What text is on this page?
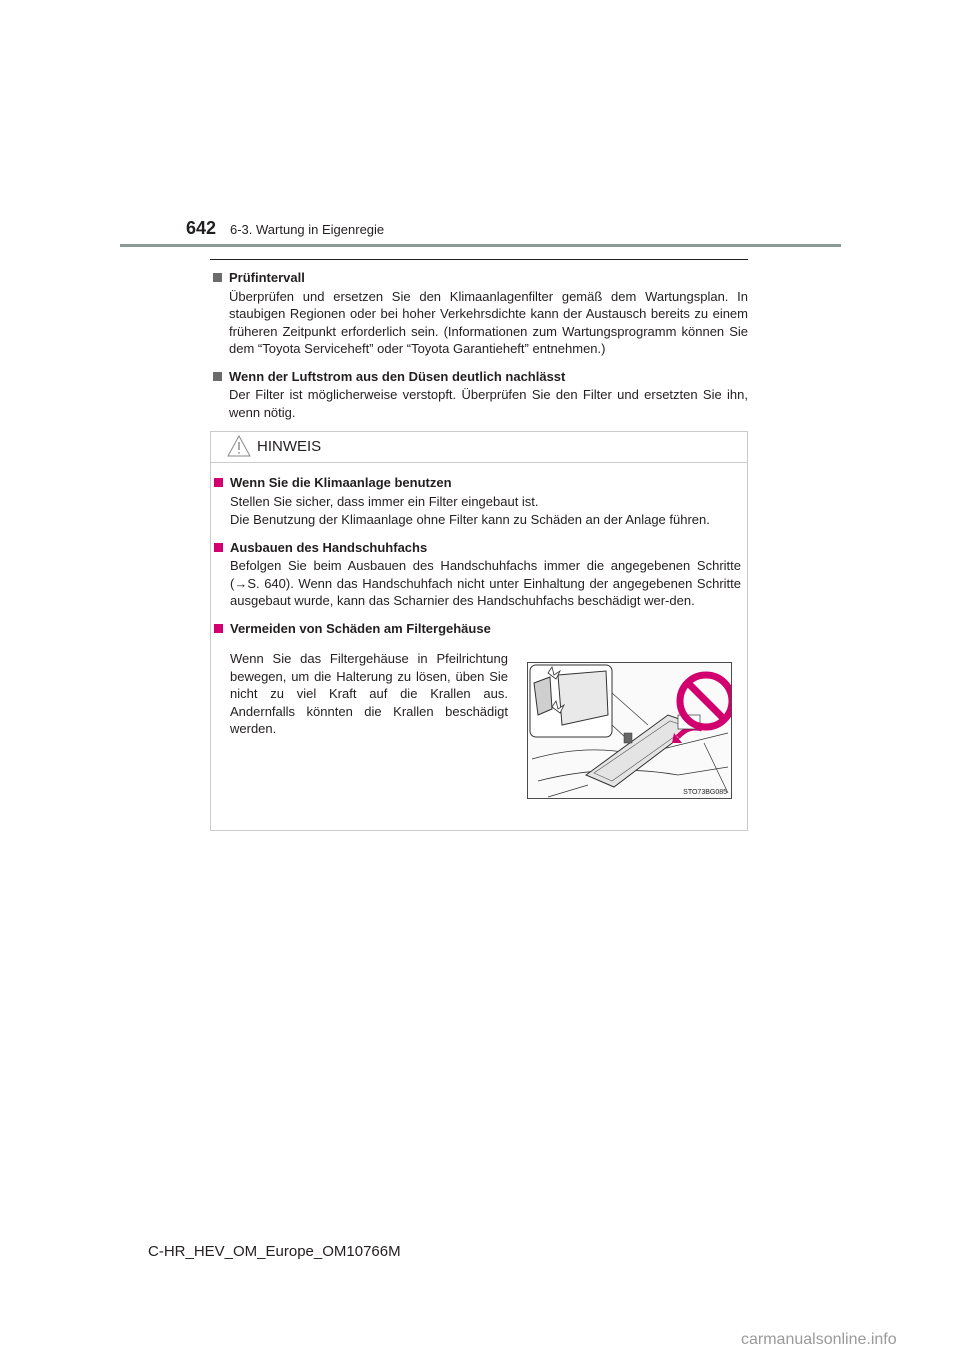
642 6-3. Wartung in Eigenregie
Prüfintervall
Überprüfen und ersetzen Sie den Klimaanlagenfilter gemäß dem Wartungsplan. In staubigen Regionen oder bei hoher Verkehrsdichte kann der Austausch bereits zu einem früheren Zeitpunkt erforderlich sein. (Informationen zum Wartungsprogramm können Sie dem “Toyota Serviceheft” oder “Toyota Garantieheft” entnehmen.)
Wenn der Luftstrom aus den Düsen deutlich nachlässt
Der Filter ist möglicherweise verstopft. Überprüfen Sie den Filter und ersetzten Sie ihn, wenn nötig.
HINWEIS
Wenn Sie die Klimaanlage benutzen
Stellen Sie sicher, dass immer ein Filter eingebaut ist.
Die Benutzung der Klimaanlage ohne Filter kann zu Schäden an der Anlage führen.
Ausbauen des Handschuhfachs
Befolgen Sie beim Ausbauen des Handschuhfachs immer die angegebenen Schritte (→S. 640). Wenn das Handschuhfach nicht unter Einhaltung der angegebenen Schritte ausgebaut wurde, kann das Scharnier des Handschuhfachs beschädigt wer-den.
Vermeiden von Schäden am Filtergehäuse
Wenn Sie das Filtergehäuse in Pfeilrichtung bewegen, um die Halterung zu lösen, üben Sie nicht zu viel Kraft auf die Krallen aus. Andernfalls könnten die Krallen beschädigt werden.
STO73BG085
C-HR_HEV_OM_Europe_OM10766M
carmanualsonline.info
